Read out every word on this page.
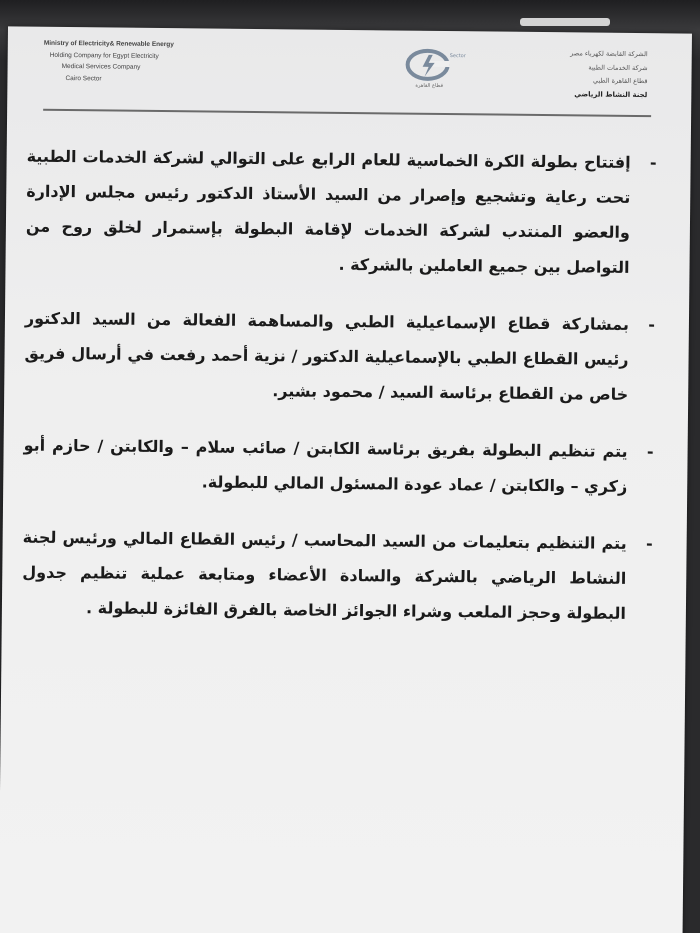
Ministry of Electricity& Renewable Energy
Holding Company for Egypt Electricity
Medical Services Company
Cairo Sector
Sector
قطاع القاهرة
الشركة القابضة لكهرباء مصر
شركة الخدمات الطبية
قطاع القاهرة الطبي
لجنة النشاط الرياضي
-
إفتتاح بطولة الكرة الخماسية للعام الرابع على التوالي لشركة الخدمات الطبية تحت رعاية وتشجيع وإصرار من السيد الأستاذ الدكتور رئيس مجلس الإدارة والعضو المنتدب لشركة الخدمات لإقامة البطولة بإستمرار لخلق روح من التواصل بين جميع العاملين بالشركة .
-
بمشاركة قطاع الإسماعيلية الطبي والمساهمة الفعالة من السيد الدكتور رئيس القطاع الطبي بالإسماعيلية الدكتور / نزية أحمد رفعت في أرسال فريق خاص من القطاع برئاسة السيد / محمود بشير.
-
يتم تنظيم البطولة بفريق برئاسة الكابتن / صائب سلام – والكابتن / حازم أبو زكري – والكابتن / عماد عودة المسئول المالي للبطولة.
-
يتم التنظيم بتعليمات من السيد المحاسب / رئيس القطاع المالي ورئيس لجنة النشاط الرياضي بالشركة والسادة الأعضاء ومتابعة عملية تنظيم جدول البطولة وحجز الملعب وشراء الجوائز الخاصة بالفرق الفائزة للبطولة .
